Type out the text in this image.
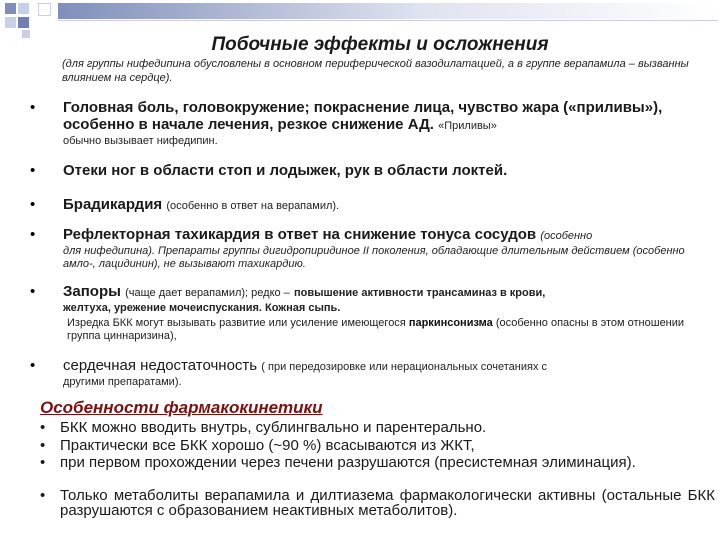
Побочные эффекты и осложнения
(для группы нифедипина обусловлены в основном периферической вазодилатацией, а в группе верапамила – вызванны влиянием на сердце).
• Головная боль, головокружение; покраснение лица, чувство жара («приливы»), особенно в начале лечения, резкое снижение АД. «Приливы»
обычно вызывает нифедипин.
• Отеки ног в области стоп и лодыжек, рук в области локтей.
• Брадикардия (особенно в ответ на верапамил).
• Рефлекторная тахикардия в ответ на снижение тонуса сосудов (особенно
для нифедипина). Препараты группы дигидропиридиное II поколения, обладающие длительным действием (особенно амло-, лацидинин), не вызывают тахикардию.
• Запоры (чаще дает верапамил); редко – повышение активности трансаминаз в крови,
желтуха, урежение мочеиспускания. Кожная сыпь.
Изредка БКК могут вызывать развитие или усиление имеющегося паркинсонизма (особенно опасны в этом отношении группа циннаризина),
• сердечная недостаточность ( при передозировке или нерациональных сочетаниях с
другими препаратами).
Особенности фармакокинетики
• БКК можно вводить внутрь, сублингвально и парентерально.
• Практически все БКК хорошо (~90 %) всасываются из ЖКТ,
• при первом прохождении через печени разрушаются (пресистемная элиминация).
• Только метаболиты верапамила и дилтиазема фармакологически активны (остальные БКК разрушаются с образованием неактивных метаболитов).
